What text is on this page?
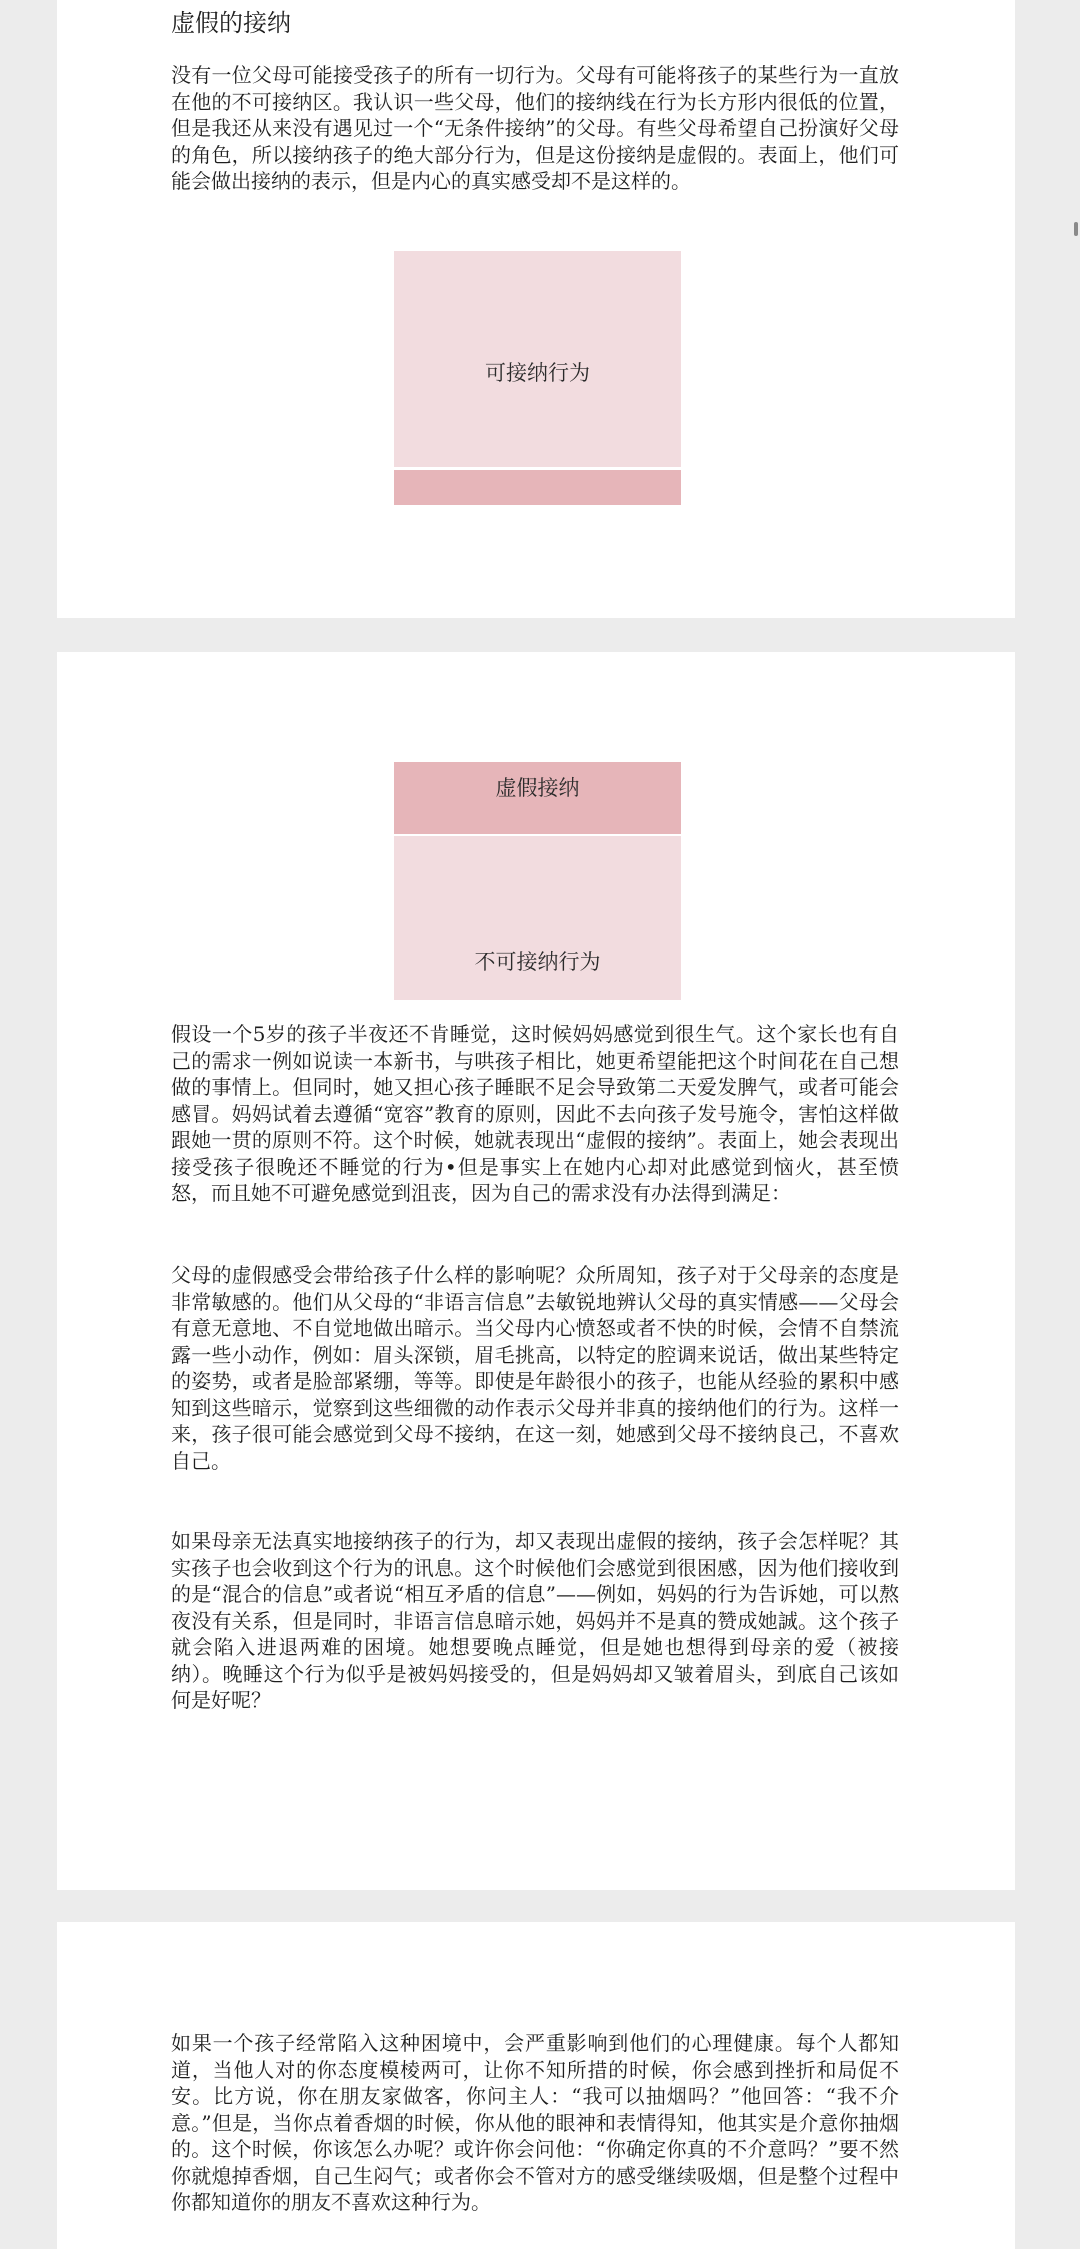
虚假的接纳

没有一位父母可能接受孩子的所有一切行为。父母有可能将孩子的某些行为一直放在他的不可接纳区。我认识一些父母，他们的接纳线在行为长方形内很低的位置，但是我还从来没有遇见过一个“无条件接纳”的父母。有些父母希望自己扮演好父母的角色，所以接纳孩子的绝大部分行为，但是这份接纳是虚假的。表面上，他们可能会做出接纳的表示，但是内心的真实感受却不是这样的。

可接纳行为
虚假接纳
不可接纳行为

假设一个5岁的孩子半夜还不肯睡觉，这时候妈妈感觉到很生气。这个家长也有自己的需求一例如说读一本新书，与哄孩子相比，她更希望能把这个时间花在自己想做的事情上。但同时，她又担心孩子睡眠不足会导致第二天爱发脾气，或者可能会感冒。妈妈试着去遵循“宽容”教育的原则，因此不去向孩子发号施令，害怕这样做跟她一贯的原则不符。这个时候，她就表现出“虚假的接纳”。表面上，她会表现出接受孩子很晚还不睡觉的行为•但是事实上在她内心却对此感觉到恼火，甚至愤怒，而且她不可避免感觉到沮丧，因为自己的需求没有办法得到满足：

父母的虚假感受会带给孩子什么样的影响呢？众所周知，孩子对于父母亲的态度是非常敏感的。他们从父母的“非语言信息”去敏锐地辨认父母的真实情感——父母会有意无意地、不自觉地做出暗示。当父母内心愤怒或者不快的时候，会情不自禁流露一些小动作，例如：眉头深锁，眉毛挑高，以特定的腔调来说话，做出某些特定的姿势，或者是脸部紧绷，等等。即使是年龄很小的孩子，也能从经验的累积中感知到这些暗示，觉察到这些细微的动作表示父母并非真的接纳他们的行为。这样一来，孩子很可能会感觉到父母不接纳，在这一刻，她感到父母不接纳良己，不喜欢自己。

如果母亲无法真实地接纳孩子的行为，却又表现出虚假的接纳，孩子会怎样呢？其实孩子也会收到这个行为的讯息。这个时候他们会感觉到很困感，因为他们接收到的是“混合的信息”或者说“相互矛盾的信息”——例如，妈妈的行为告诉她，可以熬夜没有关系，但是同时，非语言信息暗示她，妈妈并不是真的赞成她誠。这个孩子就会陷入进退两难的困境。她想要晚点睡觉，但是她也想得到母亲的爱（被接纳）。晚睡这个行为似乎是被妈妈接受的，但是妈妈却又皱着眉头，到底自己该如何是好呢？

如果一个孩子经常陷入这种困境中，会严重影响到他们的心理健康。每个人都知道，当他人对的你态度模棱两可，让你不知所措的时候，你会感到挫折和局促不安。比方说，你在朋友家做客，你问主人：“我可以抽烟吗？”他回答：“我不介意。”但是，当你点着香烟的时候，你从他的眼神和表情得知，他其实是介意你抽烟的。这个时候，你该怎么办呢？或许你会问他：“你确定你真的不介意吗？”要不然你就熄掉香烟，自己生闷气；或者你会不管对方的感受继续吸烟，但是整个过程中你都知道你的朋友不喜欢这种行为。
